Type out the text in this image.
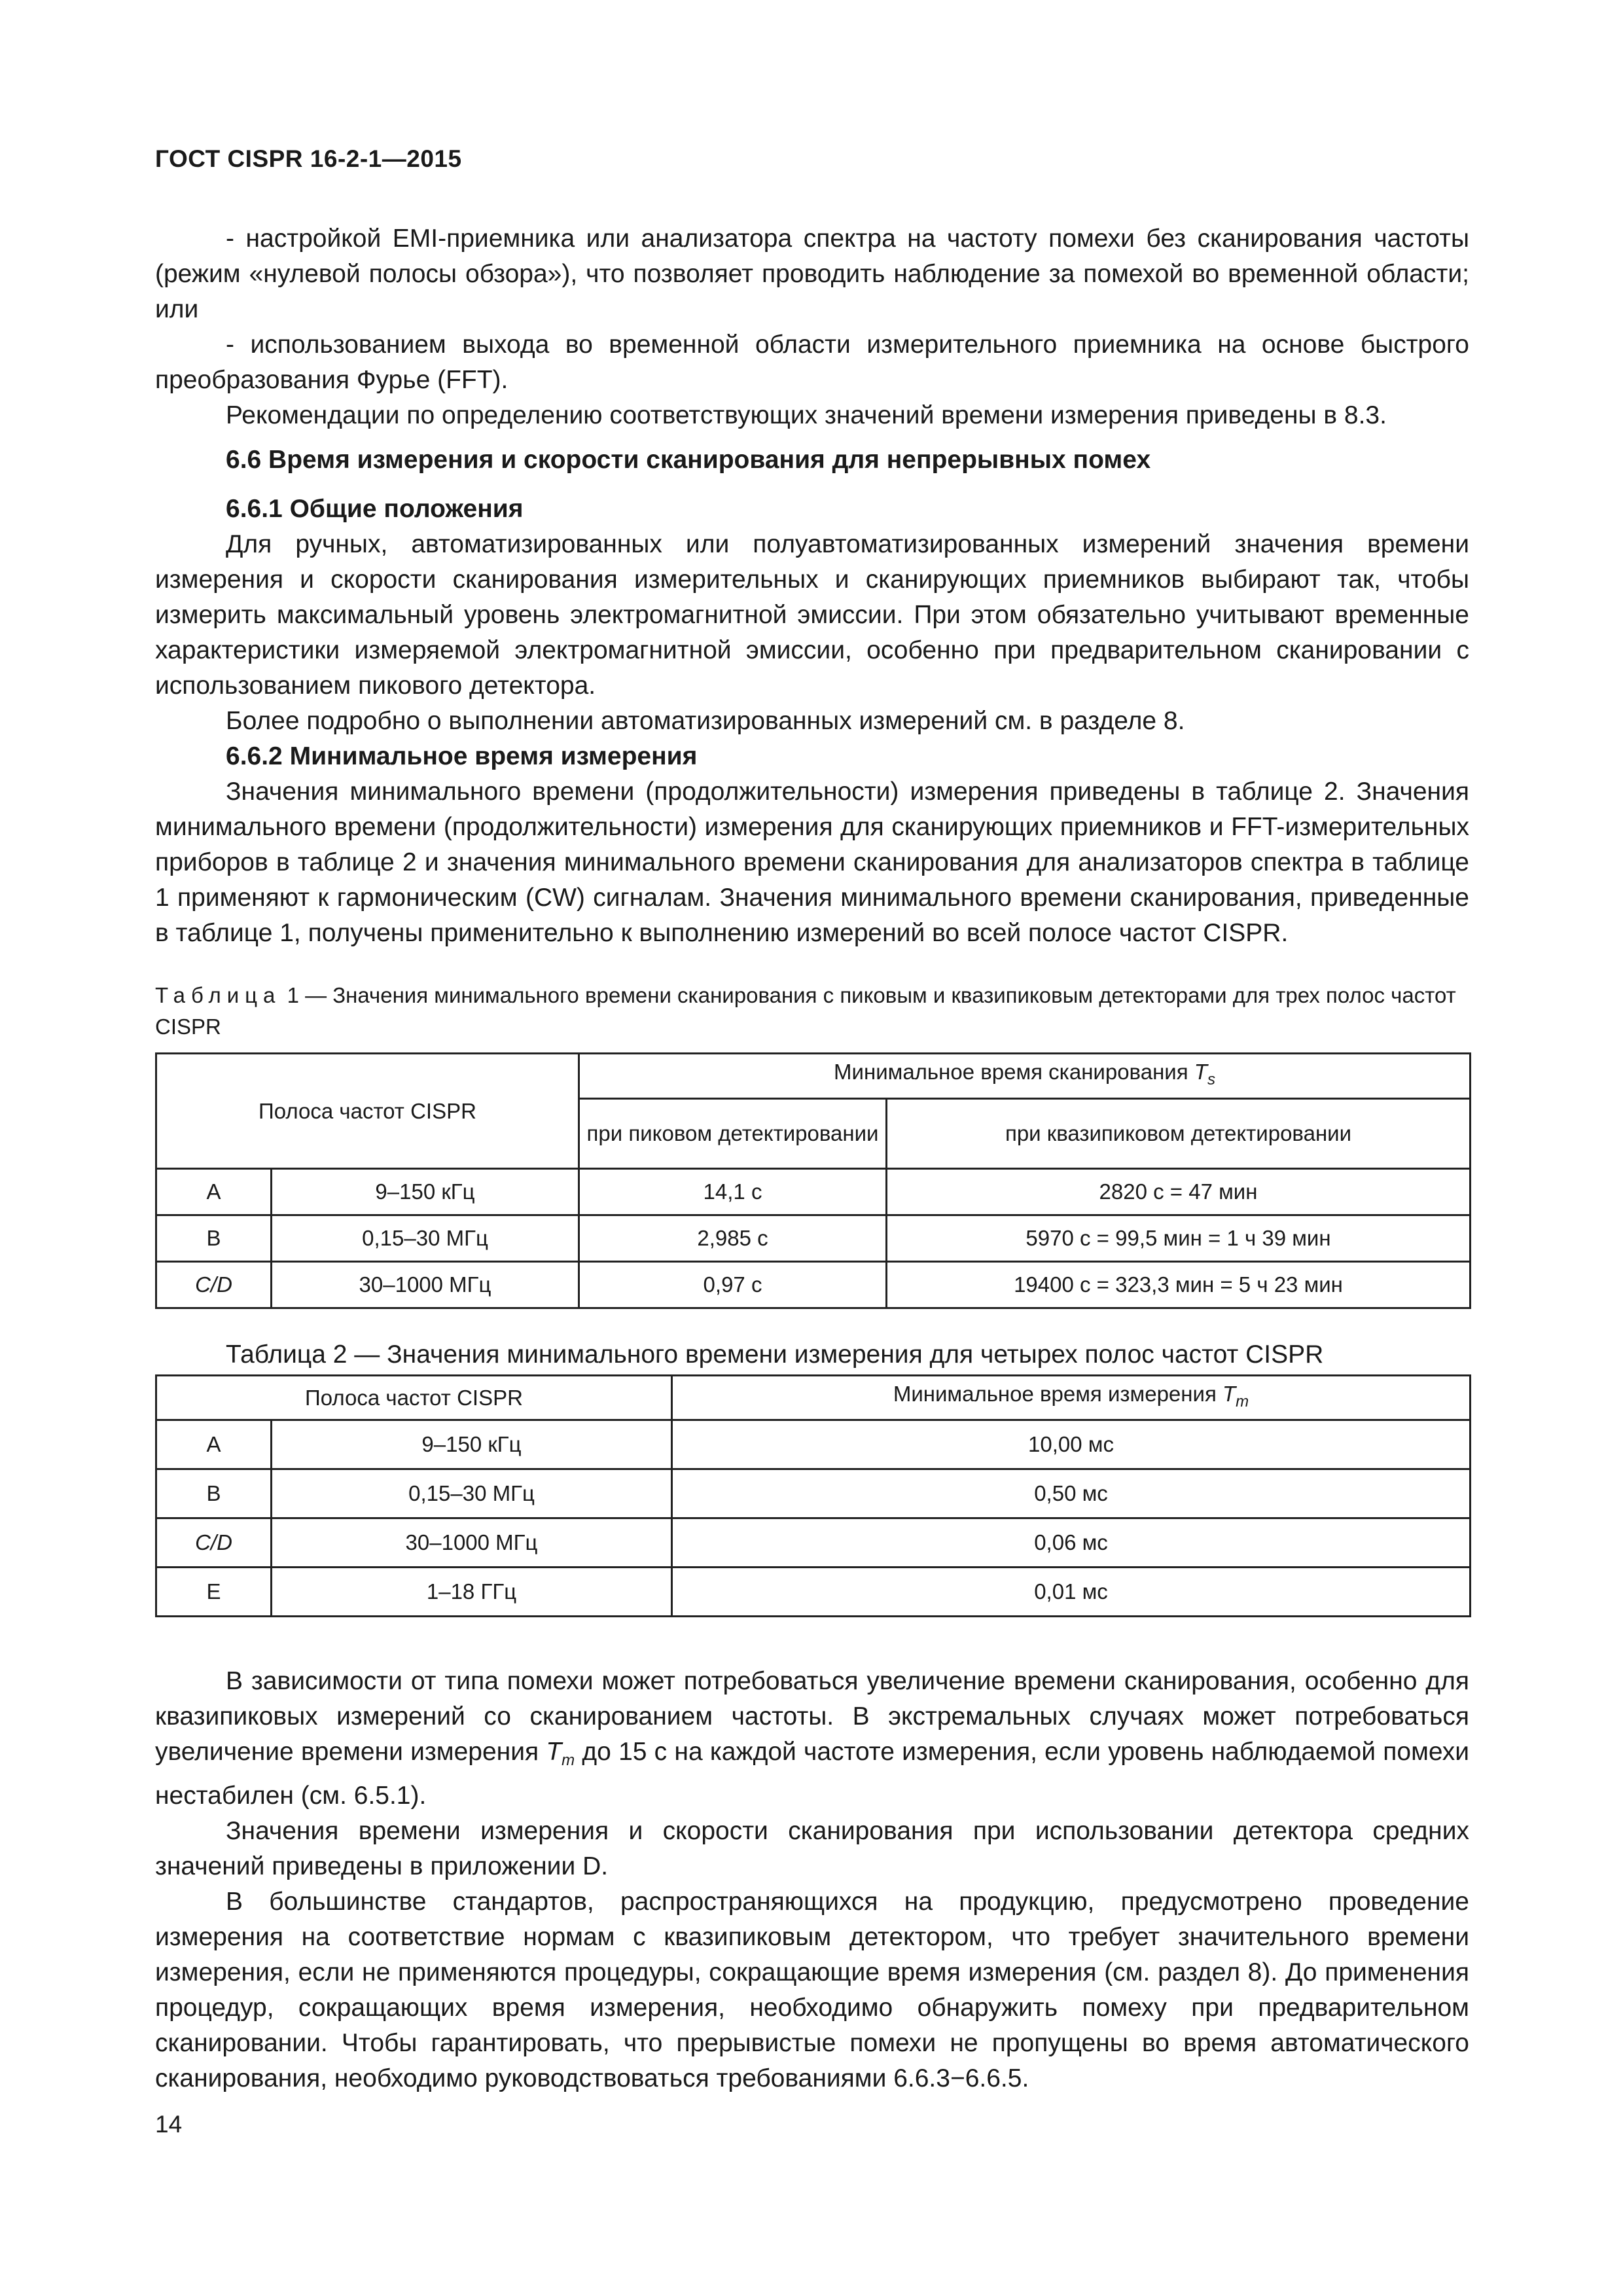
ГОСТ CISPR 16-2-1—2015

- настройкой EMI-приемника или анализатора спектра на частоту помехи без сканирования частоты (режим «нулевой полосы обзора»), что позволяет проводить наблюдение за помехой во временной области; или

- использованием выхода во временной области измерительного приемника на основе быстрого преобразования Фурье (FFT).

Рекомендации по определению соответствующих значений времени измерения приведены в 8.3.

6.6 Время измерения и скорости сканирования для непрерывных помех

6.6.1 Общие положения

Для ручных, автоматизированных или полуавтоматизированных измерений значения времени измерения и скорости сканирования измерительных и сканирующих приемников выбирают так, чтобы измерить максимальный уровень электромагнитной эмиссии. При этом обязательно учитывают временные характеристики измеряемой электромагнитной эмиссии, особенно при предварительном сканировании с использованием пикового детектора.

Более подробно о выполнении автоматизированных измерений см. в разделе 8.

6.6.2 Минимальное время измерения

Значения минимального времени (продолжительности) измерения приведены в таблице 2. Значения минимального времени (продолжительности) измерения для сканирующих приемников и FFT-измерительных приборов в таблице 2 и значения минимального времени сканирования для анализаторов спектра в таблице 1 применяют к гармоническим (CW) сигналам. Значения минимального времени сканирования, приведенные в таблице 1, получены применительно к выполнению измерений во всей полосе частот CISPR.

Таблица 1 — Значения минимального времени сканирования с пиковым и квазипиковым детекторами для трех полос частот CISPR

Полоса частот CISPR		Минимальное время сканирования $T_s$
		при пиковом детектировании	при квазипиковом детектировании
A	9–150 кГц	14,1 с	2820 с = 47 мин
B	0,15–30 МГц	2,985 с	5970 с = 99,5 мин = 1 ч 39 мин
C/D	30–1000 МГц	0,97 с	19400 с = 323,3 мин = 5 ч 23 мин

Таблица 2 — Значения минимального времени измерения для четырех полос частот CISPR

Полоса частот CISPR		Минимальное время измерения $T_m$
A	9–150 кГц	10,00 мс
B	0,15–30 МГц	0,50 мс
C/D	30–1000 МГц	0,06 мс
E	1–18 ГГц	0,01 мс

В зависимости от типа помехи может потребоваться увеличение времени сканирования, особенно для квазипиковых измерений со сканированием частоты. В экстремальных случаях может потребоваться увеличение времени измерения $T_m$ до 15 с на каждой частоте измерения, если уровень наблюдаемой помехи нестабилен (см. 6.5.1).

Значения времени измерения и скорости сканирования при использовании детектора средних значений приведены в приложении D.

В большинстве стандартов, распространяющихся на продукцию, предусмотрено проведение измерения на соответствие нормам с квазипиковым детектором, что требует значительного времени измерения, если не применяются процедуры, сокращающие время измерения (см. раздел 8). До применения процедур, сокращающих время измерения, необходимо обнаружить помеху при предварительном сканировании. Чтобы гарантировать, что прерывистые помехи не пропущены во время автоматического сканирования, необходимо руководствоваться требованиями 6.6.3−6.6.5.

14
